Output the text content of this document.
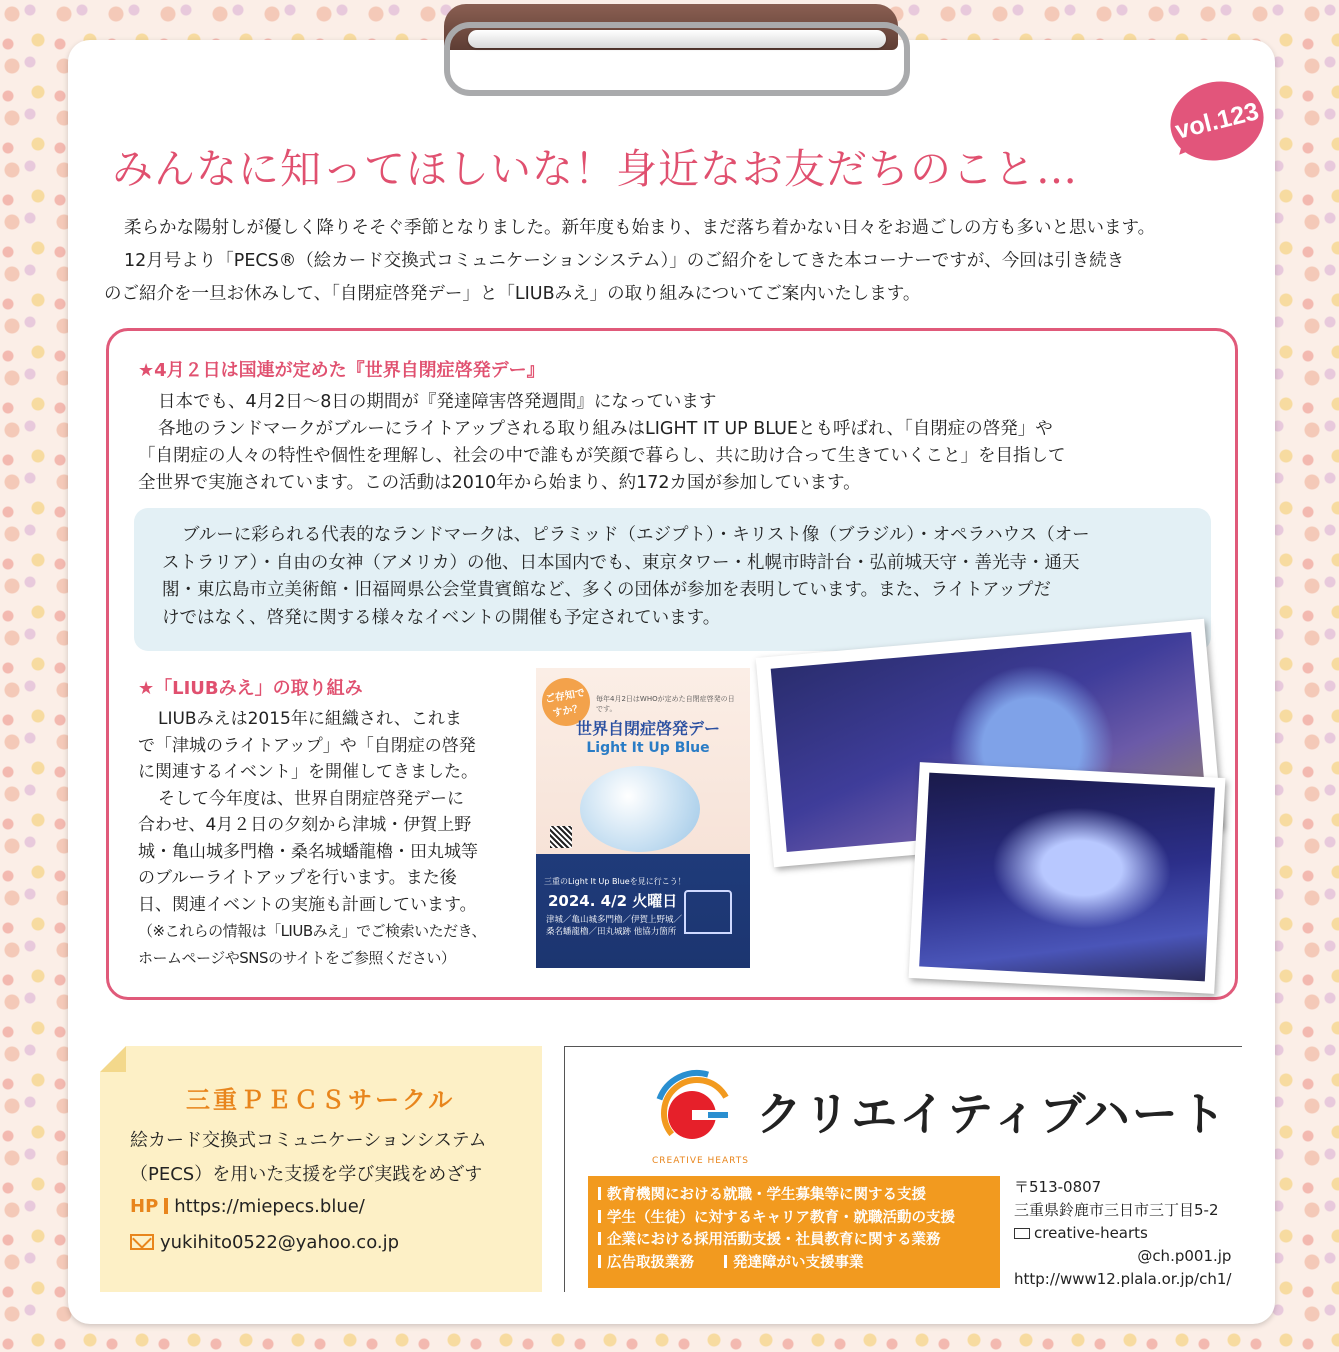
vol.123
みんなに知ってほしいな！身近なお友だちのこと…

柔らかな陽射しが優しく降りそそぐ季節となりました。新年度も始まり、まだ落ち着かない日々をお過ごしの方も多いと思います。

12月号より「PECS®（絵カード交換式コミュニケーションシステム）」のご紹介をしてきた本コーナーですが、今回は引き続き

のご紹介を一旦お休みして、「自閉症啓発デー」と「LIUBみえ」の取り組みについてご案内いたします。

★4月２日は国連が定めた『世界自閉症啓発デー』
日本でも、4月2日～8日の期間が『発達障害啓発週間』になっています
各地のランドマークがブルーにライトアップされる取り組みはLIGHT IT UP BLUEとも呼ばれ、「自閉症の啓発」や
「自閉症の人々の特性や個性を理解し、社会の中で誰もが笑顔で暮らし、共に助け合って生きていくこと」を目指して
全世界で実施されています。この活動は2010年から始まり、約172カ国が参加しています。
ブルーに彩られる代表的なランドマークは、ピラミッド（エジプト）・キリスト像（ブラジル）・オペラハウス（オー
ストラリア）・自由の女神（アメリカ）の他、日本国内でも、東京タワー・札幌市時計台・弘前城天守・善光寺・通天
閣・東広島市立美術館・旧福岡県公会堂貴賓館など、多くの団体が参加を表明しています。また、ライトアップだ
けではなく、啓発に関する様々なイベントの開催も予定されています。
★「LIUBみえ」の取り組み
LIUBみえは2015年に組織され、これま
で「津城のライトアップ」や「自閉症の啓発
に関連するイベント」を開催してきました。
そして今年度は、世界自閉症啓発デーに
合わせ、4月２日の夕刻から津城・伊賀上野
城・亀山城多門櫓・桑名城蟠龍櫓・田丸城等
のブルーライトアップを行います。また後
日、関連イベントの実施も計画しています。
（※これらの情報は「LIUBみえ」でご検索いただき、
ホームページやSNSのサイトをご参照ください）
ご存知ですか？
毎年4月2日はWHOが定めた自閉症啓発の日です。
世界自閉症啓発デー
Light It Up Blue
三重のLight It Up Blueを見に行こう！
2024. 4/2 火曜日
津城／亀山城多門櫓／伊賀上野城／桑名蟠龍櫓／田丸城跡 他協力箇所
三重ＰＥＣＳサークル
絵カード交換式コミュニケーションシステム
（PECS）を用いた支援を学び実践をめざす
HP https://miepecs.blue/
yukihito0522@yahoo.co.jp
クリエイティブハート
CREATIVE HEARTS
教育機関における就職・学生募集等に関する支援
学生（生徒）に対するキャリア教育・就職活動の支援
企業における採用活動支援・社員教育に関する業務
広告取扱業務	発達障がい支援事業
〒513-0807
三重県鈴鹿市三日市三丁目5-2
creative-hearts
@ch.p001.jp
http://www12.plala.or.jp/ch1/
